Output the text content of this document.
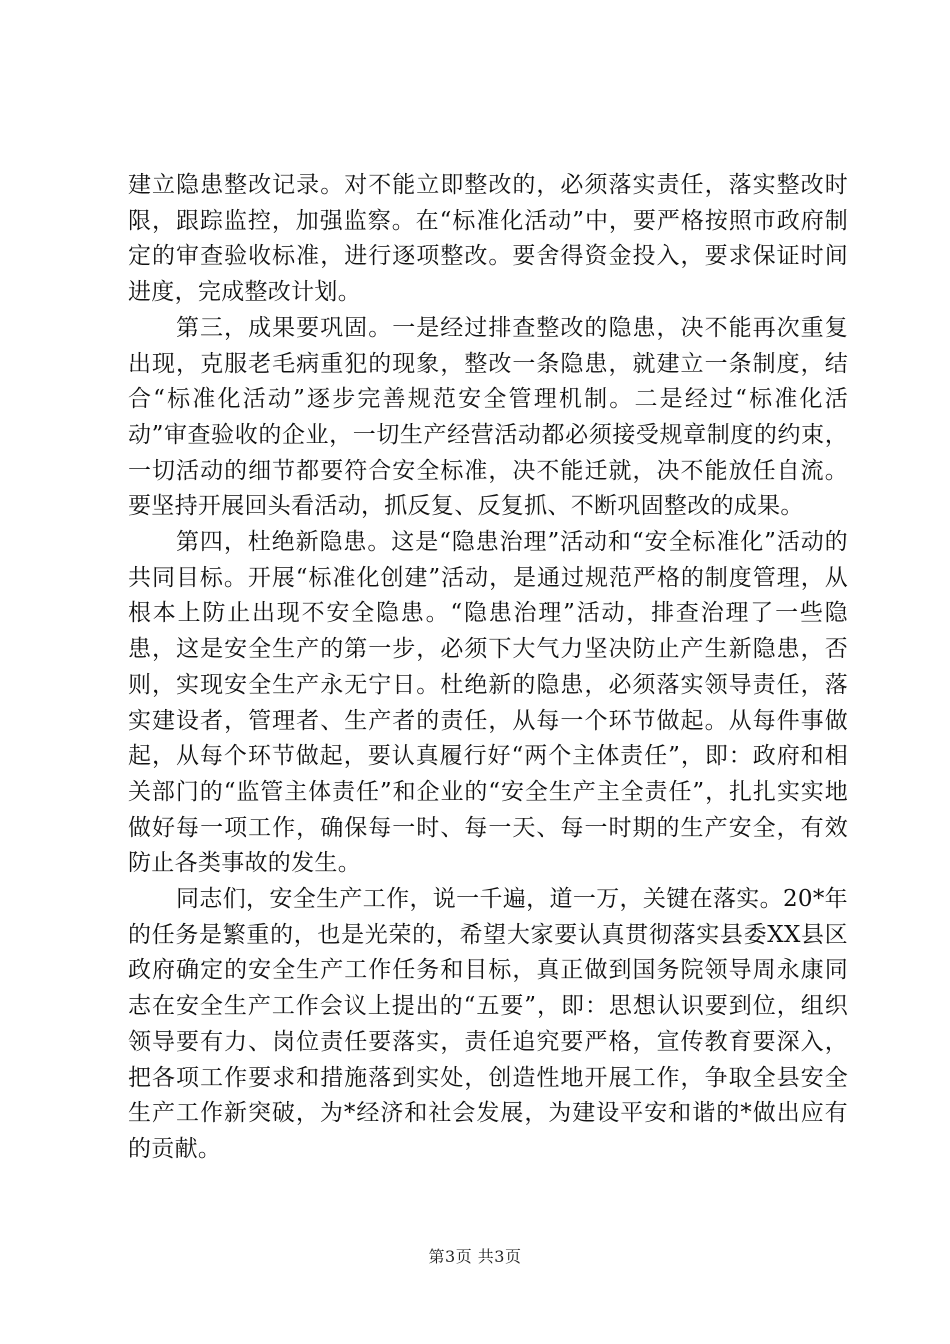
建立隐患整改记录。对不能立即整改的，必须落实责任，落实整改时限，跟踪监控，加强监察。在“标准化活动”中，要严格按照市政府制定的审查验收标准，进行逐项整改。要舍得资金投入，要求保证时间进度，完成整改计划。

第三，成果要巩固。一是经过排查整改的隐患，决不能再次重复出现，克服老毛病重犯的现象，整改一条隐患，就建立一条制度，结合“标准化活动”逐步完善规范安全管理机制。二是经过“标准化活动”审查验收的企业，一切生产经营活动都必须接受规章制度的约束，一切活动的细节都要符合安全标准，决不能迁就，决不能放任自流。要坚持开展回头看活动，抓反复、反复抓、不断巩固整改的成果。

第四，杜绝新隐患。这是“隐患治理”活动和“安全标准化”活动的共同目标。开展“标准化创建”活动，是通过规范严格的制度管理，从根本上防止出现不安全隐患。“隐患治理”活动，排查治理了一些隐患，这是安全生产的第一步，必须下大气力坚决防止产生新隐患，否则，实现安全生产永无宁日。杜绝新的隐患，必须落实领导责任，落实建设者，管理者、生产者的责任，从每一个环节做起。从每件事做起，从每个环节做起，要认真履行好“两个主体责任”，即：政府和相关部门的“监管主体责任”和企业的“安全生产主全责任”，扎扎实实地做好每一项工作，确保每一时、每一天、每一时期的生产安全，有效防止各类事故的发生。

同志们，安全生产工作，说一千遍，道一万，关键在落实。20*年的任务是繁重的，也是光荣的，希望大家要认真贯彻落实县委XX县区政府确定的安全生产工作任务和目标，真正做到国务院领导周永康同志在安全生产工作会议上提出的“五要”，即：思想认识要到位，组织领导要有力、岗位责任要落实，责任追究要严格，宣传教育要深入，把各项工作要求和措施落到实处，创造性地开展工作，争取全县安全生产工作新突破，为*经济和社会发展，为建设平安和谐的*做出应有的贡献。

第3页 共3页
